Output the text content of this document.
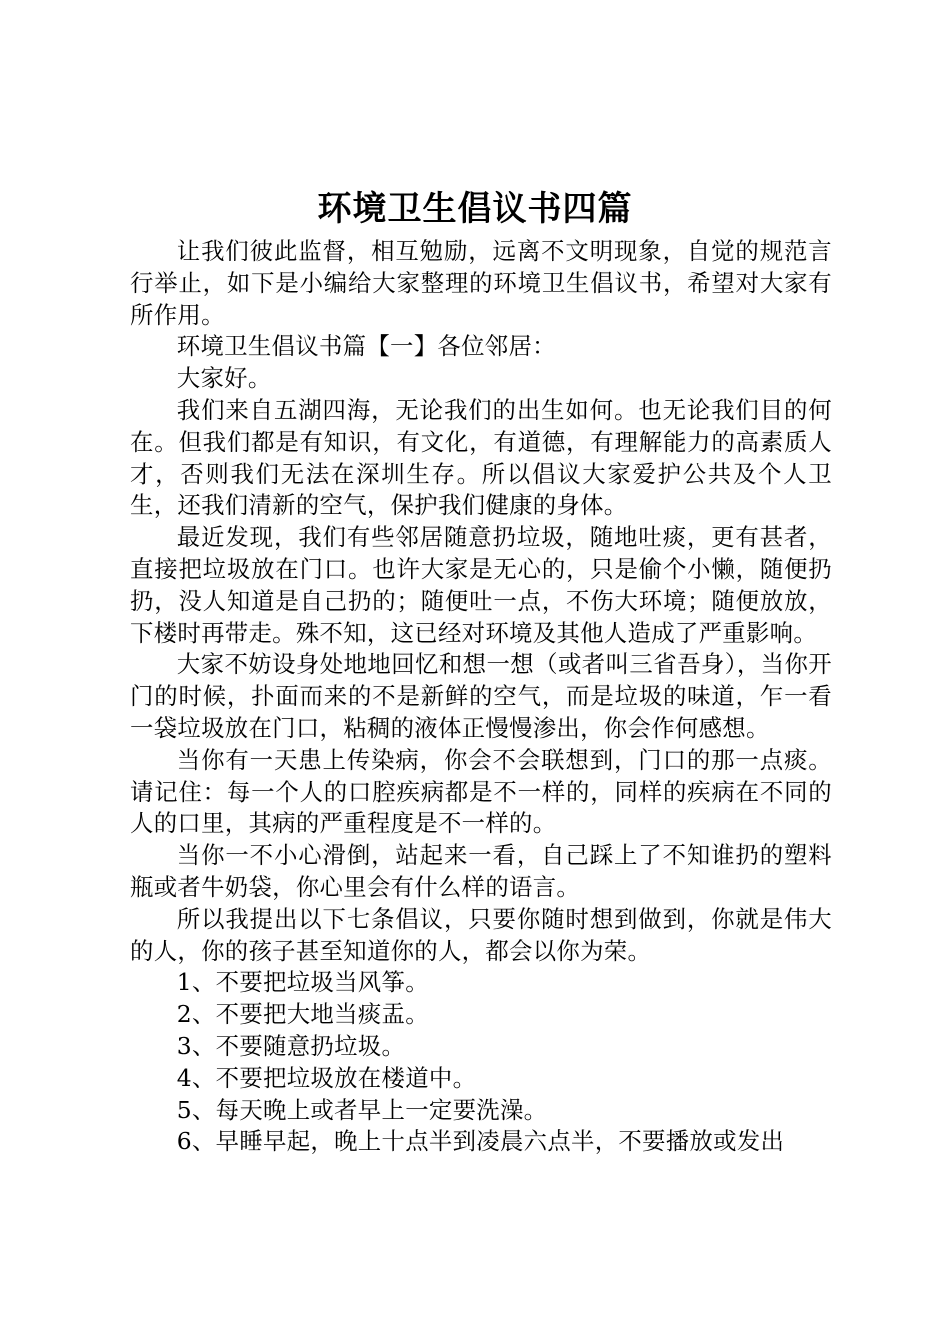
环境卫生倡议书四篇

让我们彼此监督，相互勉励，远离不文明现象，自觉的规范言行举止，如下是小编给大家整理的环境卫生倡议书，希望对大家有所作用。

环境卫生倡议书篇【一】各位邻居：

大家好。

我们来自五湖四海，无论我们的出生如何。也无论我们目的何在。但我们都是有知识，有文化，有道德，有理解能力的高素质人才，否则我们无法在深圳生存。所以倡议大家爱护公共及个人卫生，还我们清新的空气，保护我们健康的身体。

最近发现，我们有些邻居随意扔垃圾，随地吐痰，更有甚者，直接把垃圾放在门口。也许大家是无心的，只是偷个小懒，随便扔扔，没人知道是自己扔的；随便吐一点，不伤大环境；随便放放，下楼时再带走。殊不知，这已经对环境及其他人造成了严重影响。

大家不妨设身处地地回忆和想一想（或者叫三省吾身），当你开门的时候，扑面而来的不是新鲜的空气，而是垃圾的味道，乍一看一袋垃圾放在门口，粘稠的液体正慢慢渗出，你会作何感想。

当你有一天患上传染病，你会不会联想到，门口的那一点痰。请记住：每一个人的口腔疾病都是不一样的，同样的疾病在不同的人的口里，其病的严重程度是不一样的。

当你一不小心滑倒，站起来一看，自己踩上了不知谁扔的塑料瓶或者牛奶袋，你心里会有什么样的语言。

所以我提出以下七条倡议，只要你随时想到做到，你就是伟大的人，你的孩子甚至知道你的人，都会以你为荣。

1、不要把垃圾当风筝。

2、不要把大地当痰盂。

3、不要随意扔垃圾。

4、不要把垃圾放在楼道中。

5、每天晚上或者早上一定要洗澡。

6、早睡早起，晚上十点半到凌晨六点半，不要播放或发出
